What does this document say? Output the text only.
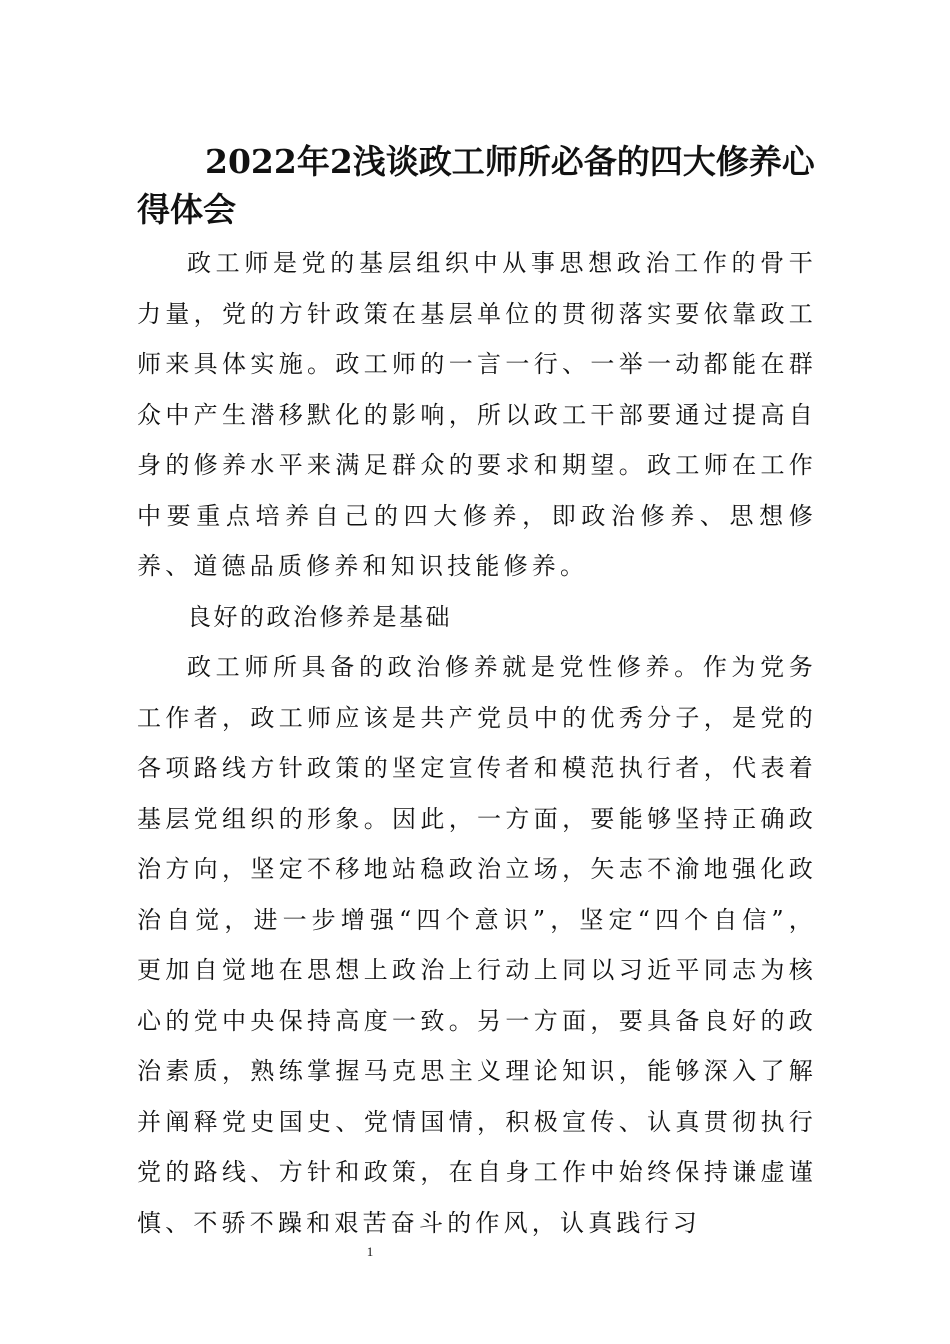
2022年2浅谈政工师所必备的四大修养心得体会

政工师是党的基层组织中从事思想政治工作的骨干力量，党的方针政策在基层单位的贯彻落实要依靠政工师来具体实施。政工师的一言一行、一举一动都能在群众中产生潜移默化的影响，所以政工干部要通过提高自身的修养水平来满足群众的要求和期望。政工师在工作中要重点培养自己的四大修养，即政治修养、思想修养、道德品质修养和知识技能修养。

良好的政治修养是基础

政工师所具备的政治修养就是党性修养。作为党务工作者，政工师应该是共产党员中的优秀分子，是党的各项路线方针政策的坚定宣传者和模范执行者，代表着基层党组织的形象。因此，一方面，要能够坚持正确政治方向，坚定不移地站稳政治立场，矢志不渝地强化政治自觉，进一步增强“四个意识”，坚定“四个自信”，更加自觉地在思想上政治上行动上同以习近平同志为核心的党中央保持高度一致。另一方面，要具备良好的政治素质，熟练掌握马克思主义理论知识，能够深入了解并阐释党史国史、党情国情，积极宣传、认真贯彻执行党的路线、方针和政策，在自身工作中始终保持谦虚谨慎、不骄不躁和艰苦奋斗的作风，认真践行习

1
